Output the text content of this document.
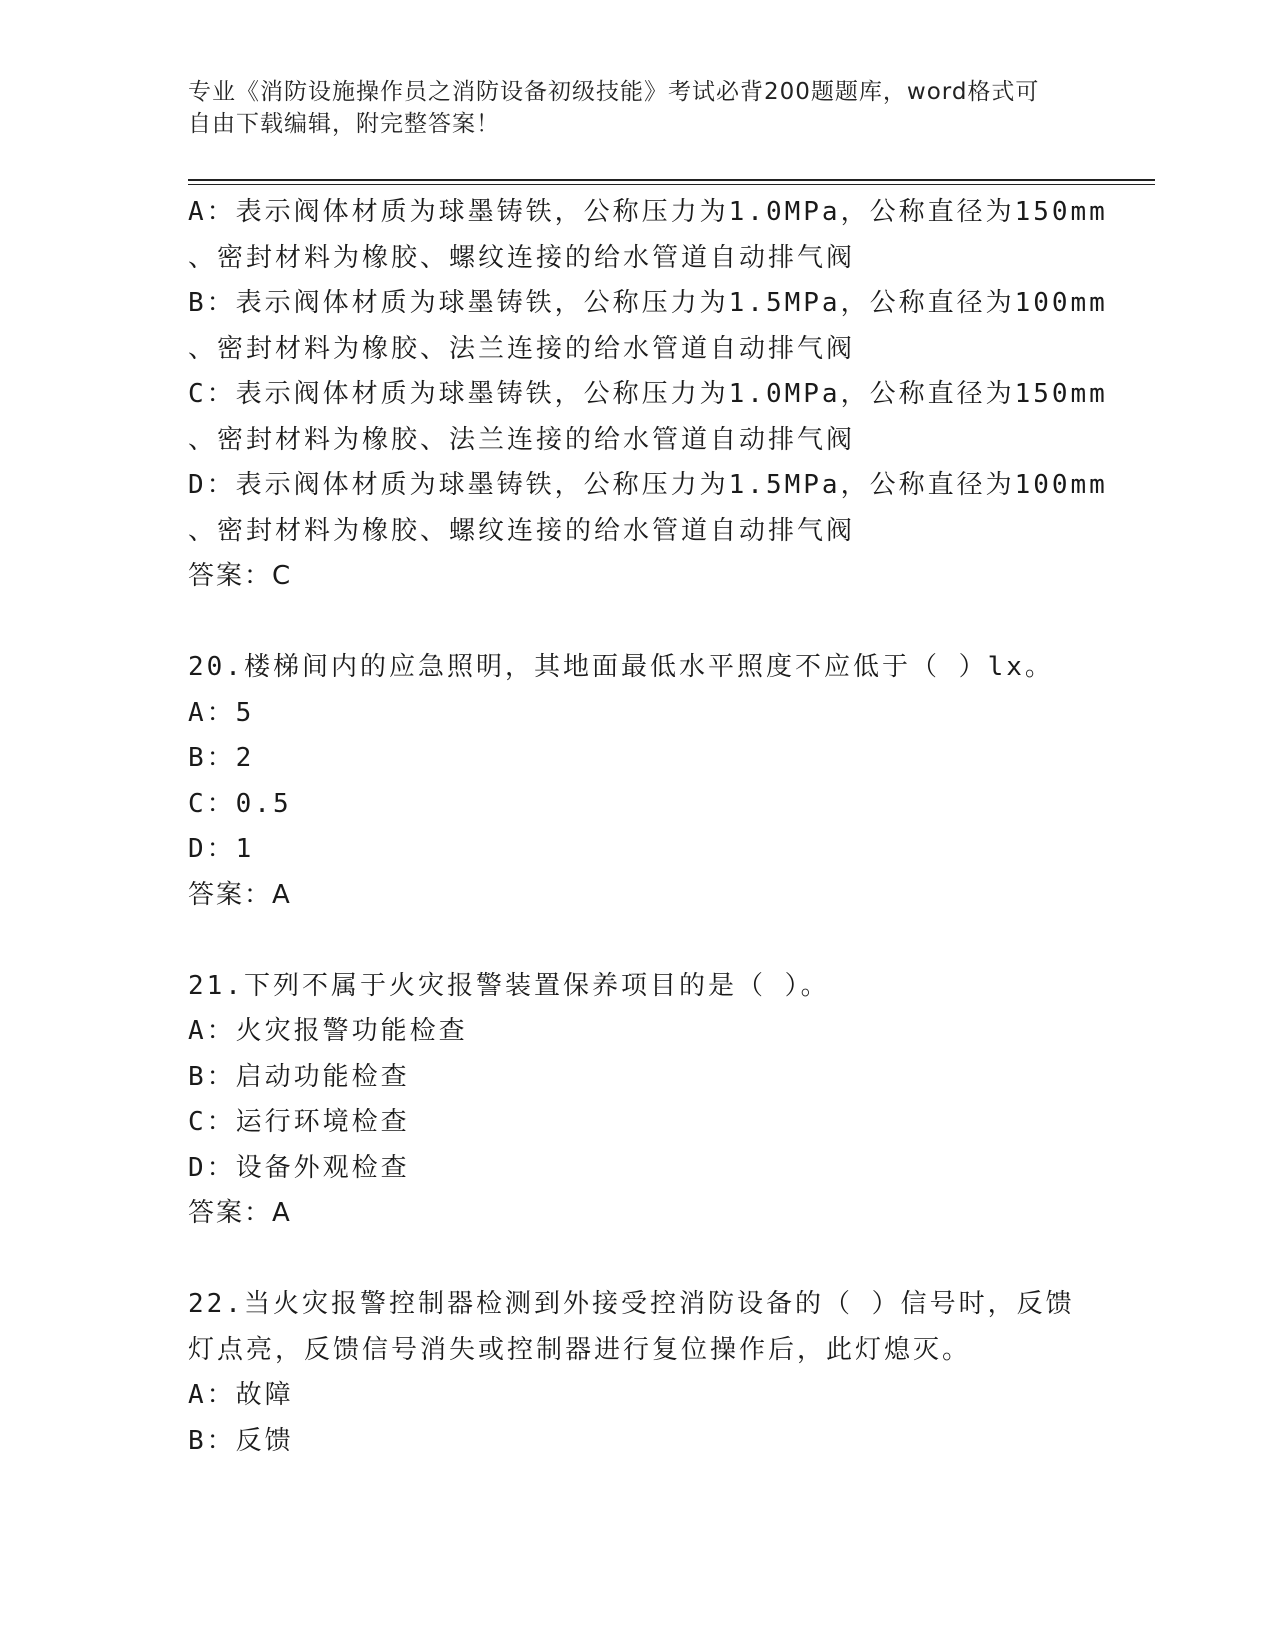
专业《消防设施操作员之消防设备初级技能》考试必背200题题库，word格式可
自由下载编辑，附完整答案！
A：表示阀体材质为球墨铸铁，公称压力为1.0MPa，公称直径为150mm
、密封材料为橡胶、螺纹连接的给水管道自动排气阀
B：表示阀体材质为球墨铸铁，公称压力为1.5MPa，公称直径为100mm
、密封材料为橡胶、法兰连接的给水管道自动排气阀
C：表示阀体材质为球墨铸铁，公称压力为1.0MPa，公称直径为150mm
、密封材料为橡胶、法兰连接的给水管道自动排气阀
D：表示阀体材质为球墨铸铁，公称压力为1.5MPa，公称直径为100mm
、密封材料为橡胶、螺纹连接的给水管道自动排气阀
答案：C
20.楼梯间内的应急照明，其地面最低水平照度不应低于（ ）lx。
A：5
B：2
C：0.5
D：1
答案：A
21.下列不属于火灾报警装置保养项目的是（ ）。
A：火灾报警功能检查
B：启动功能检查
C：运行环境检查
D：设备外观检查
答案：A
22.当火灾报警控制器检测到外接受控消防设备的（ ）信号时，反馈
灯点亮，反馈信号消失或控制器进行复位操作后，此灯熄灭。
A：故障
B：反馈
